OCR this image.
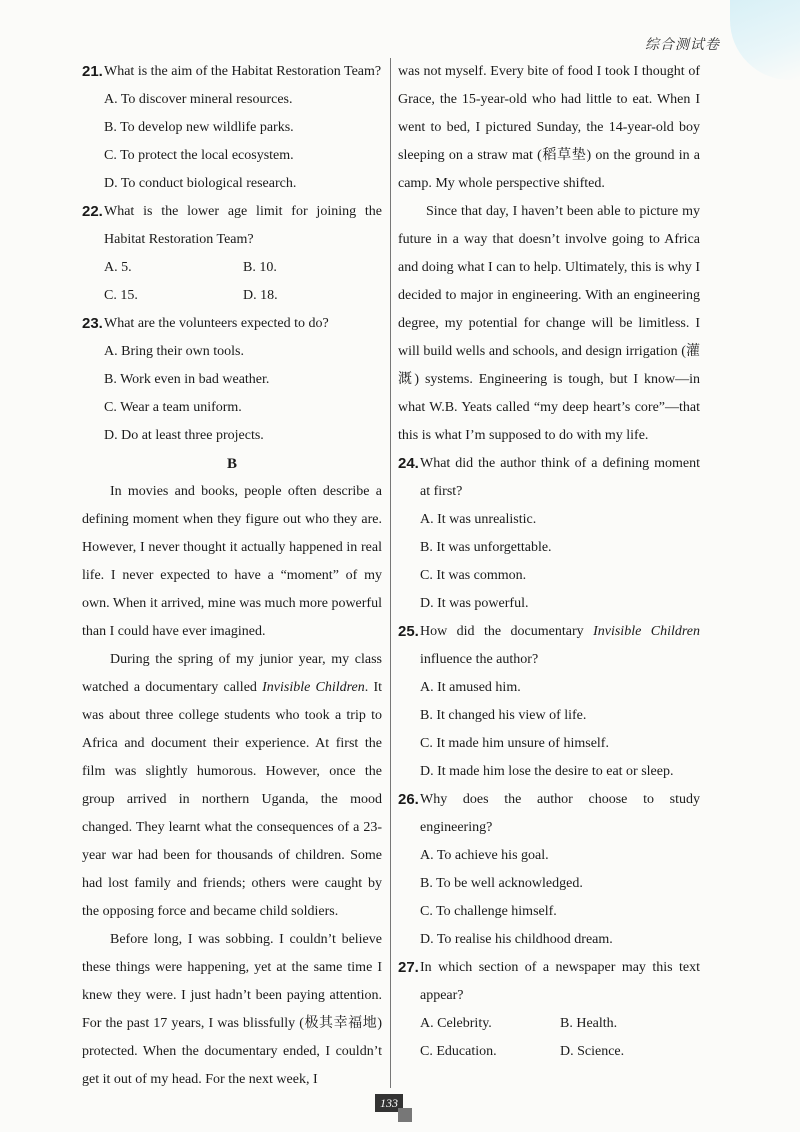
综合测试卷
21. What is the aim of the Habitat Restoration Team?
A. To discover mineral resources.
B. To develop new wildlife parks.
C. To protect the local ecosystem.
D. To conduct biological research.
22. What is the lower age limit for joining the Habitat Restoration Team?
A. 5.	B. 10.
C. 15.	D. 18.
23. What are the volunteers expected to do?
A. Bring their own tools.
B. Work even in bad weather.
C. Wear a team uniform.
D. Do at least three projects.
B

In movies and books, people often describe a defining moment when they figure out who they are. However, I never thought it actually happened in real life. I never expected to have a “moment” of my own. When it arrived, mine was much more powerful than I could have ever imagined.

During the spring of my junior year, my class watched a documentary called Invisible Children. It was about three college students who took a trip to Africa and document their experience. At first the film was slightly humorous. However, once the group arrived in northern Uganda, the mood changed. They learnt what the consequences of a 23-year war had been for thousands of children. Some had lost family and friends; others were caught by the opposing force and became child soldiers.

Before long, I was sobbing. I couldn’t believe these things were happening, yet at the same time I knew they were. I just hadn’t been paying attention. For the past 17 years, I was blissfully (极其幸福地) protected. When the documentary ended, I couldn’t get it out of my head. For the next week, I

was not myself. Every bite of food I took I thought of Grace, the 15-year-old who had little to eat. When I went to bed, I pictured Sunday, the 14-year-old boy sleeping on a straw mat (稻草垫) on the ground in a camp. My whole perspective shifted.

Since that day, I haven’t been able to picture my future in a way that doesn’t involve going to Africa and doing what I can to help. Ultimately, this is why I decided to major in engineering. With an engineering degree, my potential for change will be limitless. I will build wells and schools, and design irrigation (灌溉) systems. Engineering is tough, but I know—in what W.B. Yeats called “my deep heart’s core”—that this is what I’m supposed to do with my life.

24. What did the author think of a defining moment at first?
A. It was unrealistic.
B. It was unforgettable.
C. It was common.
D. It was powerful.
25. How did the documentary Invisible Children influence the author?
A. It amused him.
B. It changed his view of life.
C. It made him unsure of himself.
D. It made him lose the desire to eat or sleep.
26. Why does the author choose to study engineering?
A. To achieve his goal.
B. To be well acknowledged.
C. To challenge himself.
D. To realise his childhood dream.
27. In which section of a newspaper may this text appear?
A. Celebrity.	B. Health.
C. Education.	D. Science.
133
